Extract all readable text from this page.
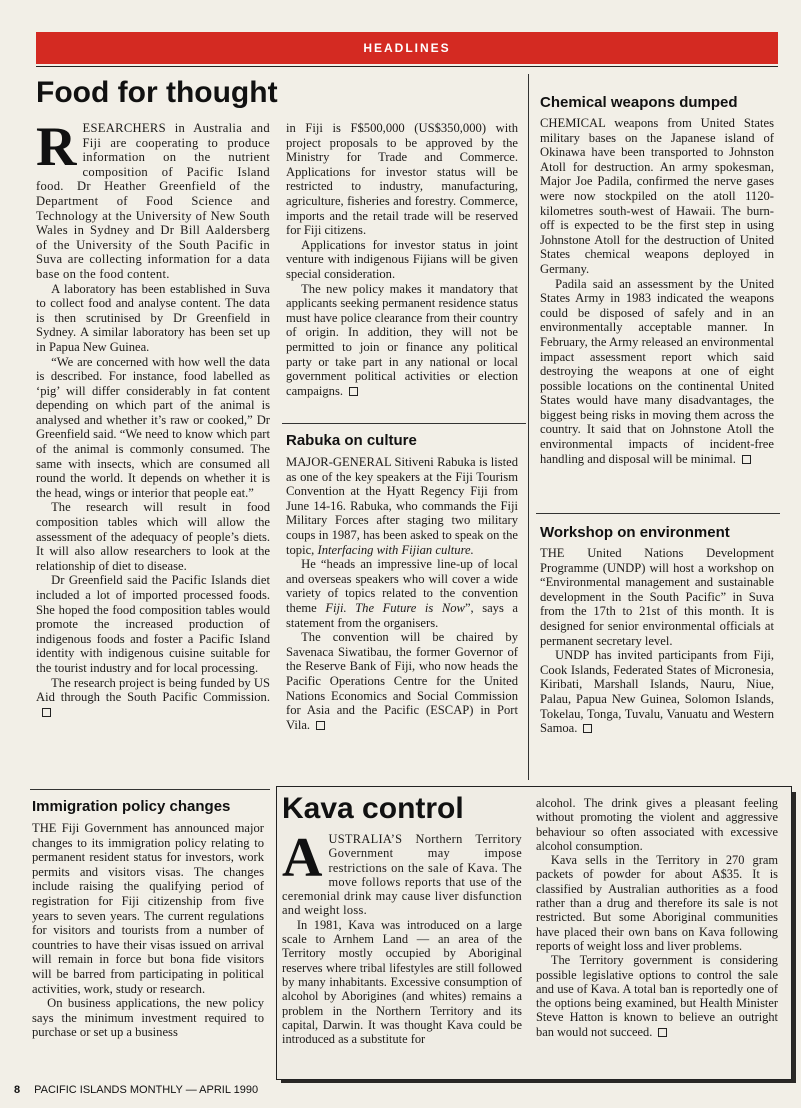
HEADLINES
Food for thought

RESEARCHERS in Australia and Fiji are cooperating to produce information on the nutrient composition of Pacific Island food. Dr Heather Greenfield of the Department of Food Science and Technology at the University of New South Wales in Sydney and Dr Bill Aaldersberg of the University of the South Pacific in Suva are collecting information for a data base on the food content.

A laboratory has been established in Suva to collect food and analyse content. The data is then scrutinised by Dr Greenfield in Sydney. A similar laboratory has been set up in Papua New Guinea.

“We are concerned with how well the data is described. For instance, food labelled as ‘pig’ will differ considerably in fat content depending on which part of the animal is analysed and whether it’s raw or cooked,” Dr Greenfield said. “We need to know which part of the animal is commonly consumed. The same with insects, which are consumed all round the world. It depends on whether it is the head, wings or interior that people eat.”

The research will result in food composition tables which will allow the assessment of the adequacy of people’s diets. It will also allow researchers to look at the relationship of diet to disease.

Dr Greenfield said the Pacific Islands diet included a lot of imported processed foods. She hoped the food composition tables would promote the increased production of indigenous foods and foster a Pacific Island identity with indigenous cuisine suitable for the tourist industry and for local processing.

The research project is being funded by US Aid through the South Pacific Commission.

in Fiji is F$500,000 (US$350,000) with project proposals to be approved by the Ministry for Trade and Commerce. Applications for investor status will be restricted to industry, manufacturing, agriculture, fisheries and forestry. Commerce, imports and the retail trade will be reserved for Fiji citizens.

Applications for investor status in joint venture with indigenous Fijians will be given special consideration.

The new policy makes it mandatory that applicants seeking permanent residence status must have police clearance from their country of origin. In addition, they will not be permitted to join or finance any political party or take part in any national or local government political activities or election campaigns.

Rabuka on culture

MAJOR-GENERAL Sitiveni Rabuka is listed as one of the key speakers at the Fiji Tourism Convention at the Hyatt Regency Fiji from June 14-16. Rabuka, who commands the Fiji Military Forces after staging two military coups in 1987, has been asked to speak on the topic, Interfacing with Fijian culture.

He “heads an impressive line-up of local and overseas speakers who will cover a wide variety of topics related to the convention theme Fiji. The Future is Now”, says a statement from the organisers.

The convention will be chaired by Savenaca Siwatibau, the former Governor of the Reserve Bank of Fiji, who now heads the Pacific Operations Centre for the United Nations Economics and Social Commission for Asia and the Pacific (ESCAP) in Port Vila.

Chemical weapons dumped

CHEMICAL weapons from United States military bases on the Japanese island of Okinawa have been transported to Johnston Atoll for destruction. An army spokesman, Major Joe Padila, confirmed the nerve gases were now stockpiled on the atoll 1120-kilometres south-west of Hawaii. The burn-off is expected to be the first step in using Johnstone Atoll for the destruction of United States chemical weapons deployed in Germany.

Padila said an assessment by the United States Army in 1983 indicated the weapons could be disposed of safely and in an environmentally acceptable manner. In February, the Army released an environmental impact assessment report which said destroying the weapons at one of eight possible locations on the continental United States would have many disadvantages, the biggest being risks in moving them across the country. It said that on Johnstone Atoll the environmental impacts of incident-free handling and disposal will be minimal.

Workshop on environment

THE United Nations Development Programme (UNDP) will host a workshop on “Environmental management and sustainable development in the South Pacific” in Suva from the 17th to 21st of this month. It is designed for senior environmental officials at permanent secretary level.

UNDP has invited participants from Fiji, Cook Islands, Federated States of Micronesia, Kiribati, Marshall Islands, Nauru, Niue, Palau, Papua New Guinea, Solomon Islands, Tokelau, Tonga, Tuvalu, Vanuatu and Western Samoa.

Immigration policy changes

THE Fiji Government has announced major changes to its immigration policy relating to permanent resident status for investors, work permits and visitors visas. The changes include raising the qualifying period of registration for Fiji citizenship from five years to seven years. The current regulations for visitors and tourists from a number of countries to have their visas issued on arrival will remain in force but bona fide visitors will be barred from participating in political activities, work, study or research.

On business applications, the new policy says the minimum investment required to purchase or set up a business

Kava control

AUSTRALIA’S Northern Territory Government may impose restrictions on the sale of Kava. The move follows reports that use of the ceremonial drink may cause liver disfunction and weight loss.

In 1981, Kava was introduced on a large scale to Arnhem Land — an area of the Territory mostly occupied by Aboriginal reserves where tribal lifestyles are still followed by many inhabitants. Excessive consumption of alcohol by Aborigines (and whites) remains a problem in the Northern Territory and its capital, Darwin. It was thought Kava could be introduced as a substitute for

alcohol. The drink gives a pleasant feeling without promoting the violent and aggressive behaviour so often associated with excessive alcohol consumption.

Kava sells in the Territory in 270 gram packets of powder for about A$35. It is classified by Australian authorities as a food rather than a drug and therefore its sale is not restricted. But some Aboriginal communities have placed their own bans on Kava following reports of weight loss and liver problems.

The Territory government is considering possible legislative options to control the sale and use of Kava. A total ban is reportedly one of the options being examined, but Health Minister Steve Hatton is known to believe an outright ban would not succeed.

8 PACIFIC ISLANDS MONTHLY — APRIL 1990
